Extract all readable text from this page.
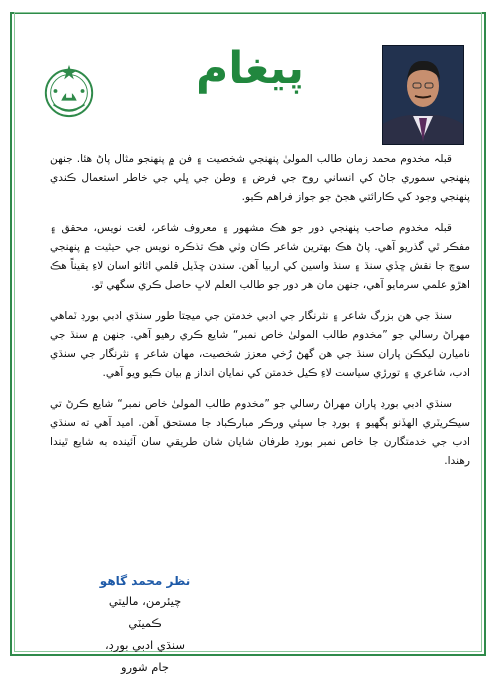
پيغام

قبلہ مخدوم محمد زمان طالب المولیٰ پنهنجي شخصيت ۽ فن ۾ پنهنجو مثال پاڻ هئا. جنهن پنهنجي سموري جاڻ کي انساني روح جي فرض ۽ وطن جي ڀلي جي خاطر استعمال ڪندي پنهنجي وجود کي ڪارائتي هجڻ جو جواز فراهم ڪيو.

قبلہ مخدوم صاحب پنهنجي دور جو هڪ مشهور ۽ معروف شاعر، لغت نويس، محقق ۽ مفڪر ٿي گذريو آهي. پاڻ هڪ بهترين شاعر ڪان وٺي هڪ تذڪره نويس جي حيثيت ۾ پنهنجي سوچ جا نقش ڇڏي سنڌ ۽ سنڌ واسين کي اربيا آهن. سندن ڇڏيل قلمي اثاثو اسان لاءِ يقيناً هڪ اهڙو علمي سرمايو آهي، جنهن مان هر دور جو طالب العلم لاڀ حاصل ڪري سگهي ٿو.

سنڌ جي هن بزرگ شاعر ۽ نثرنگار جي ادبي خدمتن جي ميڃتا طور سنڌي ادبي بورڊ ٽماهي مهراڻ رسالي جو ”مخدوم طالب المولیٰ خاص نمبر“ شايع ڪري رهيو آهي. جنهن ۾ سنڌ جي ناميارن ليکڪن پاران سنڌ جي هن گهڻ رُخي معزز شخصيت، مهان شاعر ۽ نثرنگار جي سنڌي ادب، شاعري ۽ تورڙي سياست لاءِ ڪيل خدمتن کي نمايان انداز ۾ بيان ڪيو ويو آهي.

سنڌي ادبي بورڊ پاران مهراڻ رسالي جو ”مخدوم طالب المولیٰ خاص نمبر“ شايع ڪرڻ تي سيڪريٽري الهڏنو ٻگهيو ۽ بورڊ جا سڀئي ورڪر مبارڪباد جا مستحق آهن. اميد آهي ته سنڌي ادب جي خدمتگارن جا خاص نمبر بورڊ طرفان شايان شان طريقي سان آئينده به شايع ٿيندا رهندا.

نظر محمد گاهو
چيئرمن، ماليتي ڪميٽي
سنڌي ادبي بورڊ، جام شورو
